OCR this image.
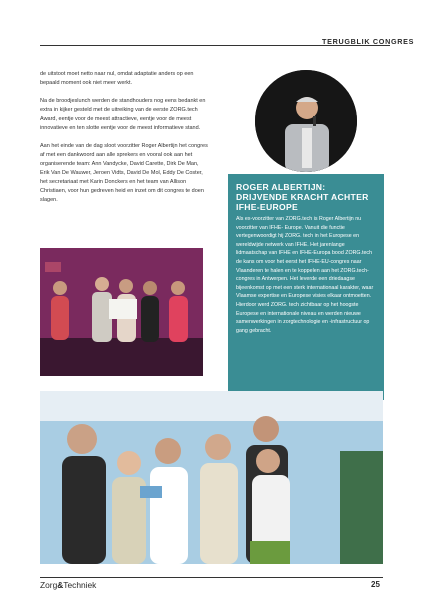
TERUGBLIK CONGRES

de uitstoot moet netto naar nul, omdat adaptatie anders op een bepaald moment ook niet meer werkt.

Na de broodjeslunch werden de standhouders nog eens bedankt en extra in kijker gesteld met de uitreiking van de eerste ZORG.tech Award, eentje voor de meest attractieve, eentje voor de meest innovatieve en ten slotte eentje voor de meest informatieve stand.

Aan het einde van de dag sloot voorzitter Roger Albertijn het congres af met een dankwoord aan alle sprekers en vooral ook aan het organiserende team: Ann Vandycke, David Carette, Dirk De Man, Erik Van De Wauwer, Jeroen Vidts, David De Mol, Eddy De Coster, het secretariaat met Karin Donckers en het team van Allison Christiaen, voor hun gedreven heid en inzet om dit congres te doen slagen.

ROGER ALBERTIJN: DRIJVENDE KRACHT ACHTER IFHE-EUROPE
Als ex-voorzitter van ZORG.tech is Roger Albertijn nu voorzitter van IFHE- Europe. Vanuit die functie vertegenwoordigt hij ZORG. tech in het Europese en wereldwijde netwerk van IFHE. Het jarenlange lidmaatschap van IFHE en IFHE-Europa bood ZORG.tech de kans om voor het eerst het IFHE-EU-congres naar Vlaanderen te halen en te koppelen aan het ZORG.tech-congres in Antwerpen. Het leverde een driedaagse bijeenkomst op met een sterk internationaal karakter, waar Vlaamse expertise en Europese visies elkaar ontmoetten. Hierdoor werd ZORG. tech zichtbaar op het hoogste Europese en internationale niveau en werden nieuwe samenwerkingen in zorgtechnologie en -infrastructuur op gang gebracht.
Zorg&Techniek	25
